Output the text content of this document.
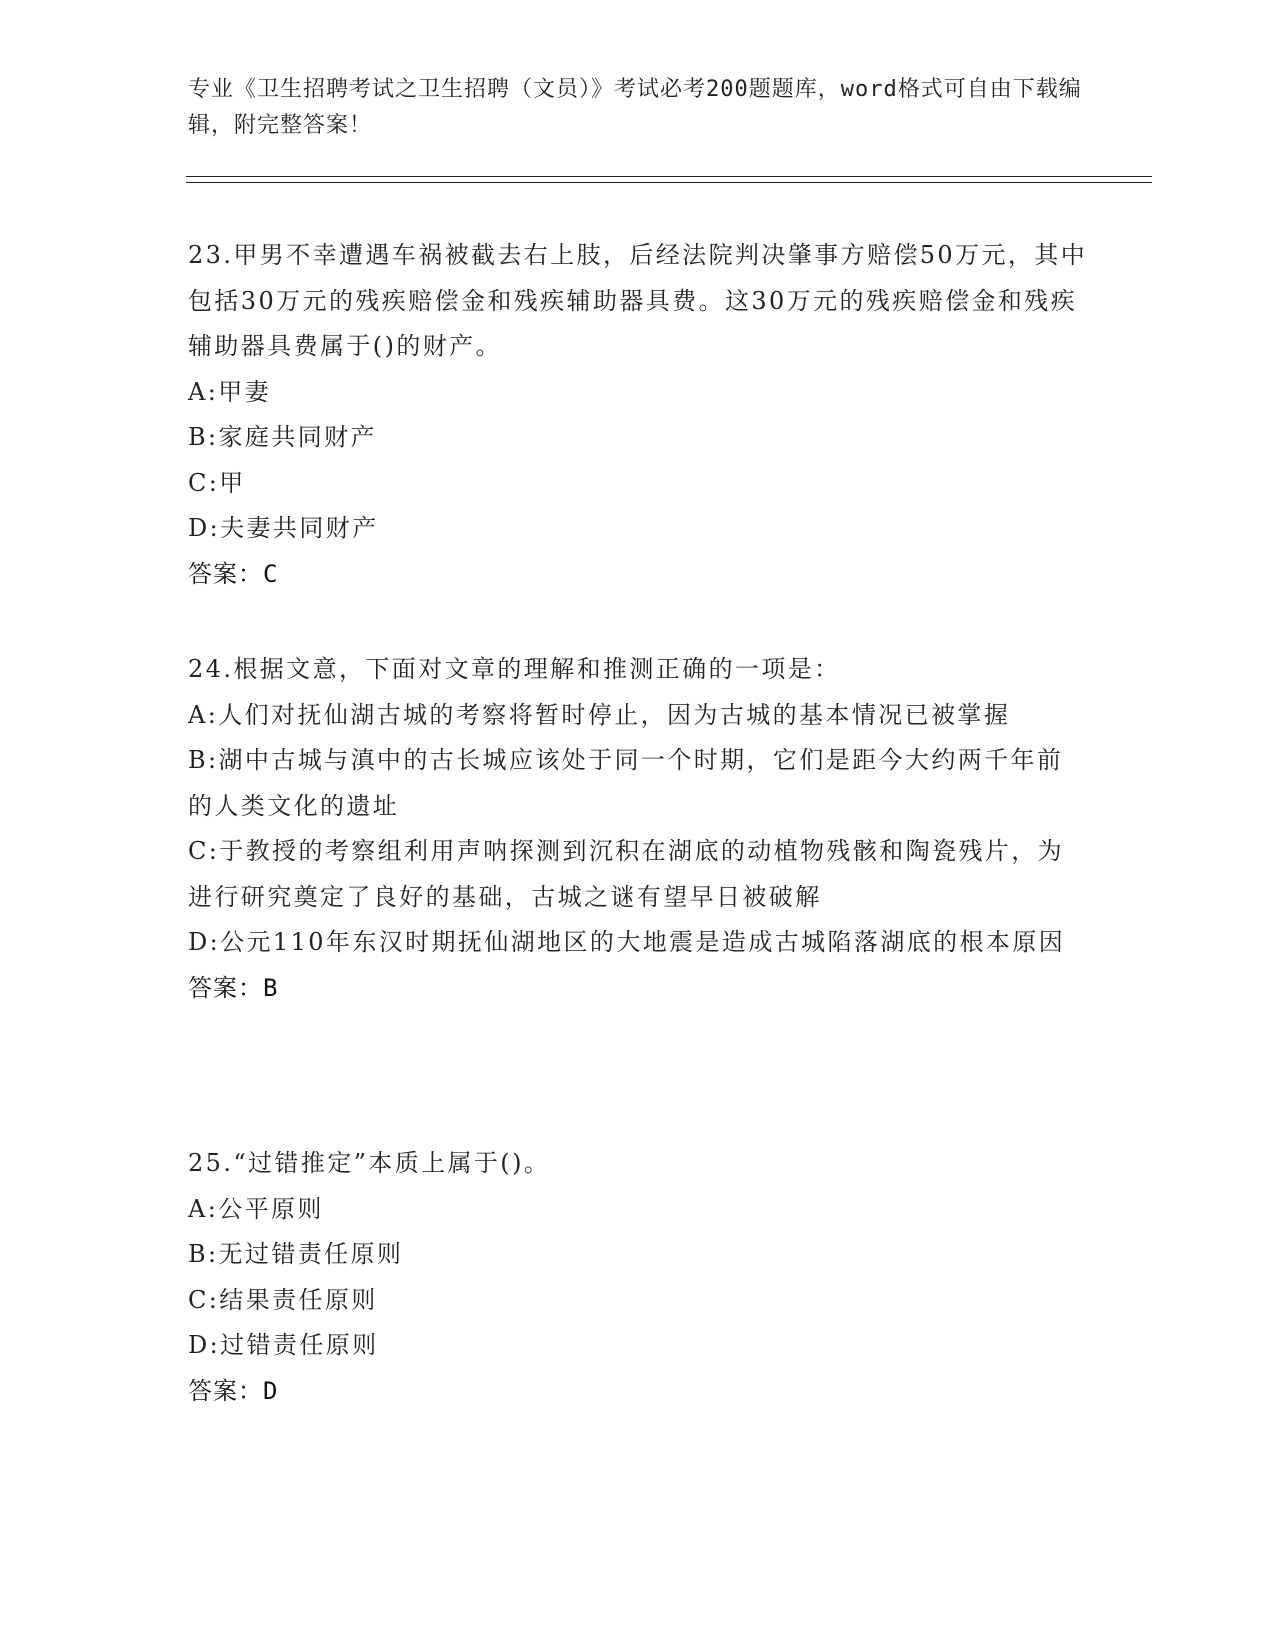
专业《卫生招聘考试之卫生招聘（文员）》考试必考200题题库，word格式可自由下载编辑，附完整答案！

23.甲男不幸遭遇车祸被截去右上肢，后经法院判决肇事方赔偿50万元，其中包括30万元的残疾赔偿金和残疾辅助器具费。这30万元的残疾赔偿金和残疾辅助器具费属于()的财产。

A:甲妻

B:家庭共同财产

C:甲

D:夫妻共同财产

答案：C

24.根据文意，下面对文章的理解和推测正确的一项是：

A:人们对抚仙湖古城的考察将暂时停止，因为古城的基本情况已被掌握

B:湖中古城与滇中的古长城应该处于同一个时期，它们是距今大约两千年前的人类文化的遗址

C:于教授的考察组利用声呐探测到沉积在湖底的动植物残骸和陶瓷残片，为进行研究奠定了良好的基础，古城之谜有望早日被破解

D:公元110年东汉时期抚仙湖地区的大地震是造成古城陷落湖底的根本原因

答案：B

25.“过错推定”本质上属于()。

A:公平原则

B:无过错责任原则

C:结果责任原则

D:过错责任原则

答案：D
